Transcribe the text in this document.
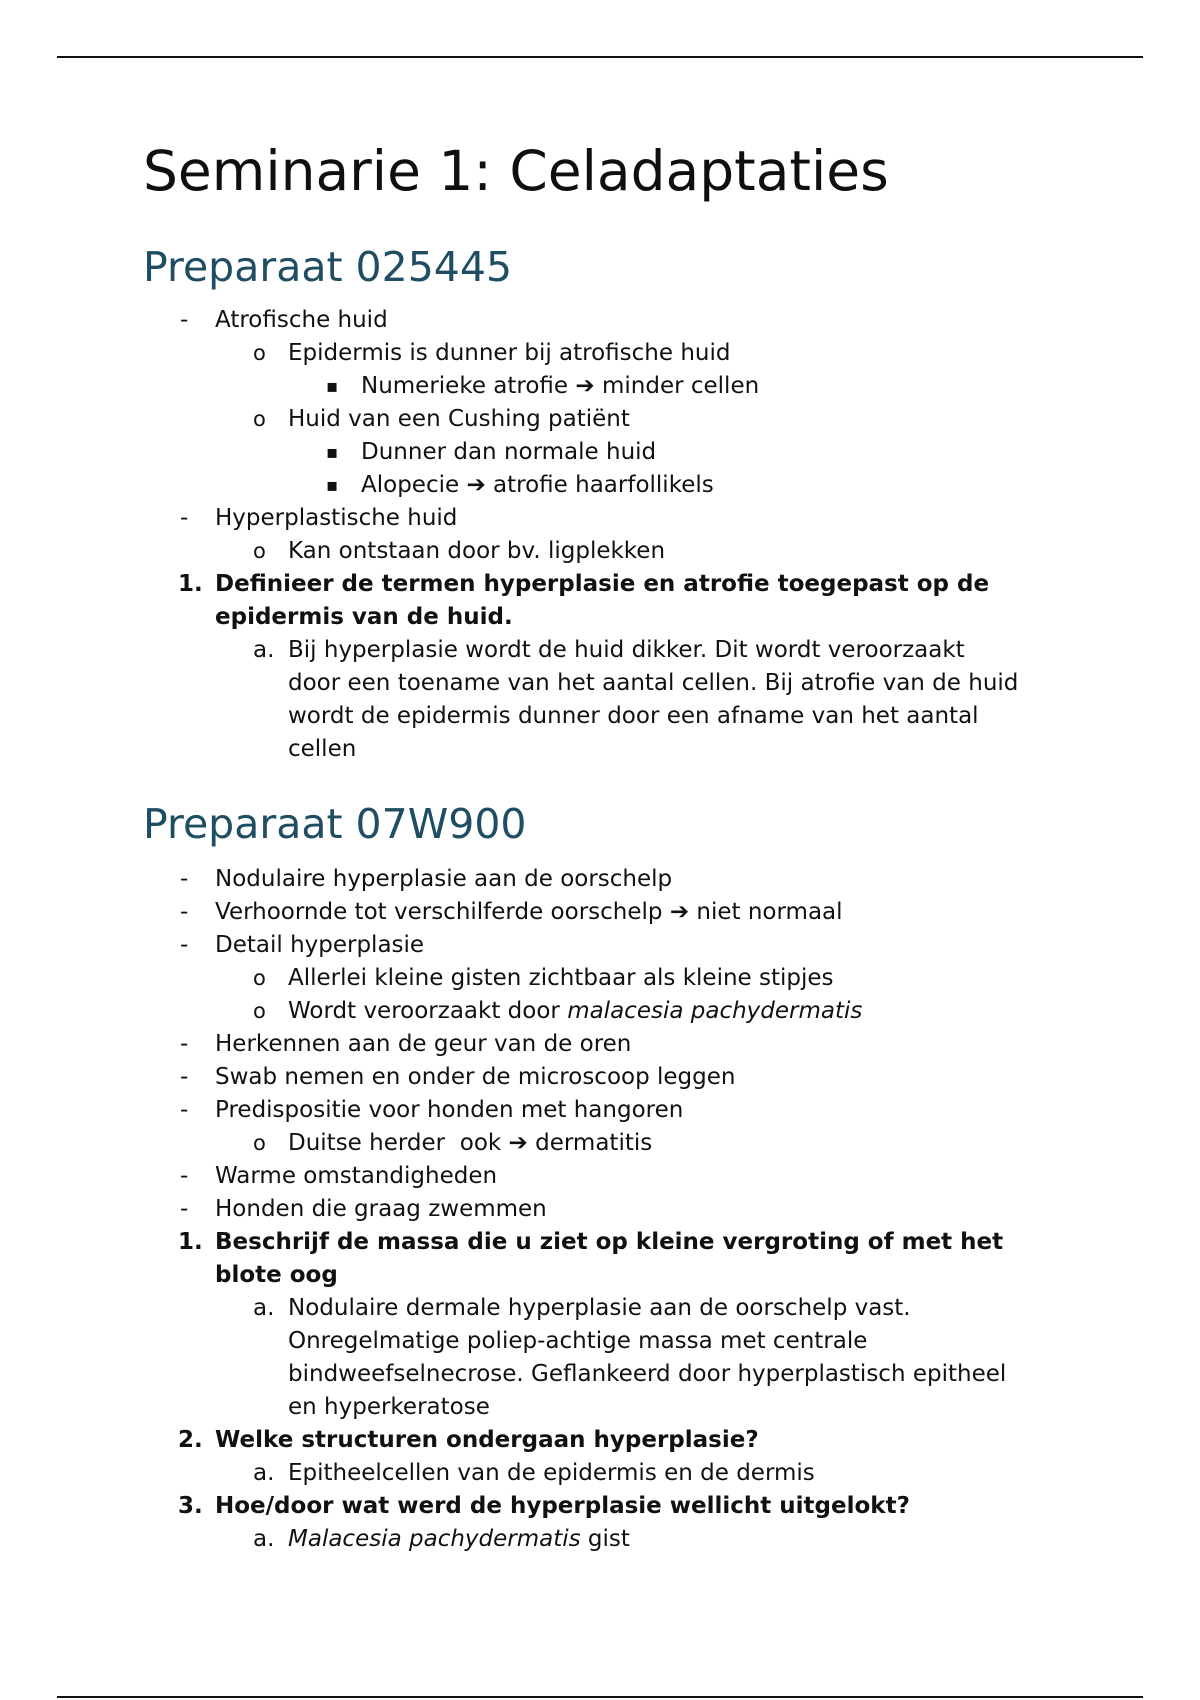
Seminarie 1: Celadaptaties
Preparaat 025445
- Atrofische huid
o Epidermis is dunner bij atrofische huid
▪ Numerieke atrofie ➔ minder cellen
o Huid van een Cushing patiënt
▪ Dunner dan normale huid
▪ Alopecie ➔ atrofie haarfollikels
- Hyperplastische huid
o Kan ontstaan door bv. ligplekken
1. Definieer de termen hyperplasie en atrofie toegepast op de
epidermis van de huid.
a. Bij hyperplasie wordt de huid dikker. Dit wordt veroorzaakt
door een toename van het aantal cellen. Bij atrofie van de huid
wordt de epidermis dunner door een afname van het aantal
cellen
Preparaat 07W900
- Nodulaire hyperplasie aan de oorschelp
- Verhoornde tot verschilferde oorschelp ➔ niet normaal
- Detail hyperplasie
o Allerlei kleine gisten zichtbaar als kleine stipjes
o Wordt veroorzaakt door malacesia pachydermatis
- Herkennen aan de geur van de oren
- Swab nemen en onder de microscoop leggen
- Predispositie voor honden met hangoren
o Duitse herder  ook ➔ dermatitis
- Warme omstandigheden
- Honden die graag zwemmen
1. Beschrijf de massa die u ziet op kleine vergroting of met het
blote oog
a. Nodulaire dermale hyperplasie aan de oorschelp vast.
Onregelmatige poliep-achtige massa met centrale
bindweefselnecrose. Geflankeerd door hyperplastisch epitheel
en hyperkeratose
2. Welke structuren ondergaan hyperplasie?
a. Epitheelcellen van de epidermis en de dermis
3. Hoe/door wat werd de hyperplasie wellicht uitgelokt?
a. Malacesia pachydermatis gist
